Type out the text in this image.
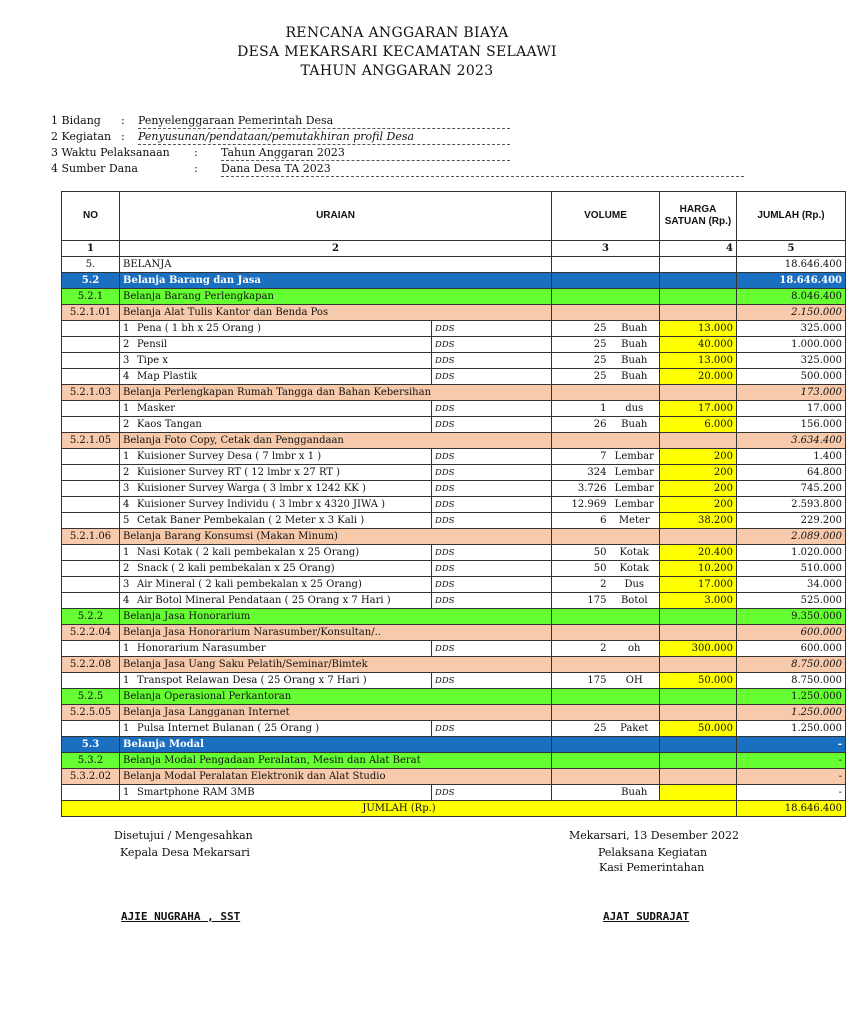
RENCANA ANGGARAN BIAYA
DESA MEKARSARI KECAMATAN SELAAWI
TAHUN ANGGARAN 2023
1 Bidang : Penyelenggaraan Pemerintah Desa
2 Kegiatan : Penyusunan/pendataan/pemutakhiran profil Desa
3 Waktu Pelaksanaan : Tahun Anggaran 2023
4 Sumber Dana	: Dana Desa TA 2023
NO	URAIAN		VOLUME		HARGA SATUAN (Rp.)	JUMLAH (Rp.)
1	2		3		4	5
5.	BELANJA					18.646.400
5.2	Belanja Barang dan Jasa					18.646.400
5.2.1	Belanja Barang Perlengkapan					8.046.400
5.2.1.01	Belanja Alat Tulis Kantor dan Benda Pos					2.150.000
	1 Pena ( 1 bh x 25 Orang )	DDS	25	Buah	13.000	325.000
	2 Pensil	DDS	25	Buah	40.000	1.000.000
	3 Tipe x	DDS	25	Buah	13.000	325.000
	4 Map Plastik	DDS	25	Buah	20.000	500.000
5.2.1.03	Belanja Perlengkapan Rumah Tangga dan Bahan Kebersihan					173.000
	1 Masker	DDS	1	dus	17.000	17.000
	2 Kaos Tangan	DDS	26	Buah	6.000	156.000
5.2.1.05	Belanja Foto Copy, Cetak dan Penggandaan					3.634.400
	1 Kuisioner Survey Desa ( 7 lmbr x 1 )	DDS	7	Lembar	200	1.400
	2 Kuisioner Survey RT ( 12 lmbr x 27 RT )	DDS	324	Lembar	200	64.800
	3 Kuisioner Survey Warga ( 3 lmbr x 1242 KK )	DDS	3.726	Lembar	200	745.200
	4 Kuisioner Survey Individu ( 3 lmbr x 4320 JIWA )	DDS	12.969	Lembar	200	2.593.800
	5 Cetak Baner Pembekalan ( 2 Meter x 3 Kali )	DDS	6	Meter	38.200	229.200
5.2.1.06	Belanja Barang Konsumsi (Makan Minum)					2.089.000
	1 Nasi Kotak ( 2 kali pembekalan x 25 Orang)	DDS	50	Kotak	20.400	1.020.000
	2 Snack ( 2 kali pembekalan x 25 Orang)	DDS	50	Kotak	10.200	510.000
	3 Air Mineral ( 2 kali pembekalan x 25 Orang)	DDS	2	Dus	17.000	34.000
	4 Air Botol Mineral Pendataan ( 25 Orang x 7 Hari )	DDS	175	Botol	3.000	525.000
5.2.2	Belanja Jasa Honorarium					9.350.000
5.2.2.04	Belanja Jasa Honorarium Narasumber/Konsultan/..					600.000
	1 Honorarium Narasumber	DDS	2	oh	300.000	600.000
5.2.2.08	Belanja Jasa Uang Saku Pelatih/Seminar/Bimtek					8.750.000
	1 Transpot Relawan Desa ( 25 Orang x 7 Hari )	DDS	175	OH	50.000	8.750.000
5.2.5	Belanja Operasional Perkantoran					1.250.000
5.2.5.05	Belanja Jasa Langganan Internet					1.250.000
	1 Pulsa Internet Bulanan ( 25 Orang )	DDS	25	Paket	50.000	1.250.000
5.3	Belanja Modal					-
5.3.2	Belanja Modal Pengadaan Peralatan, Mesin dan Alat Berat					-
5.3.2.02	Belanja Modal Peralatan Elektronik dan Alat Studio					-
	1 Smartphone RAM 3MB	DDS		Buah		-
JUMLAH (Rp.)						18.646.400
Disetujui / Mengesahkan
Kepala Desa Mekarsari
AJIE NUGRAHA , SST
Mekarsari, 13 Desember 2022
Pelaksana Kegiatan
Kasi Pemerintahan
AJAT SUDRAJAT
